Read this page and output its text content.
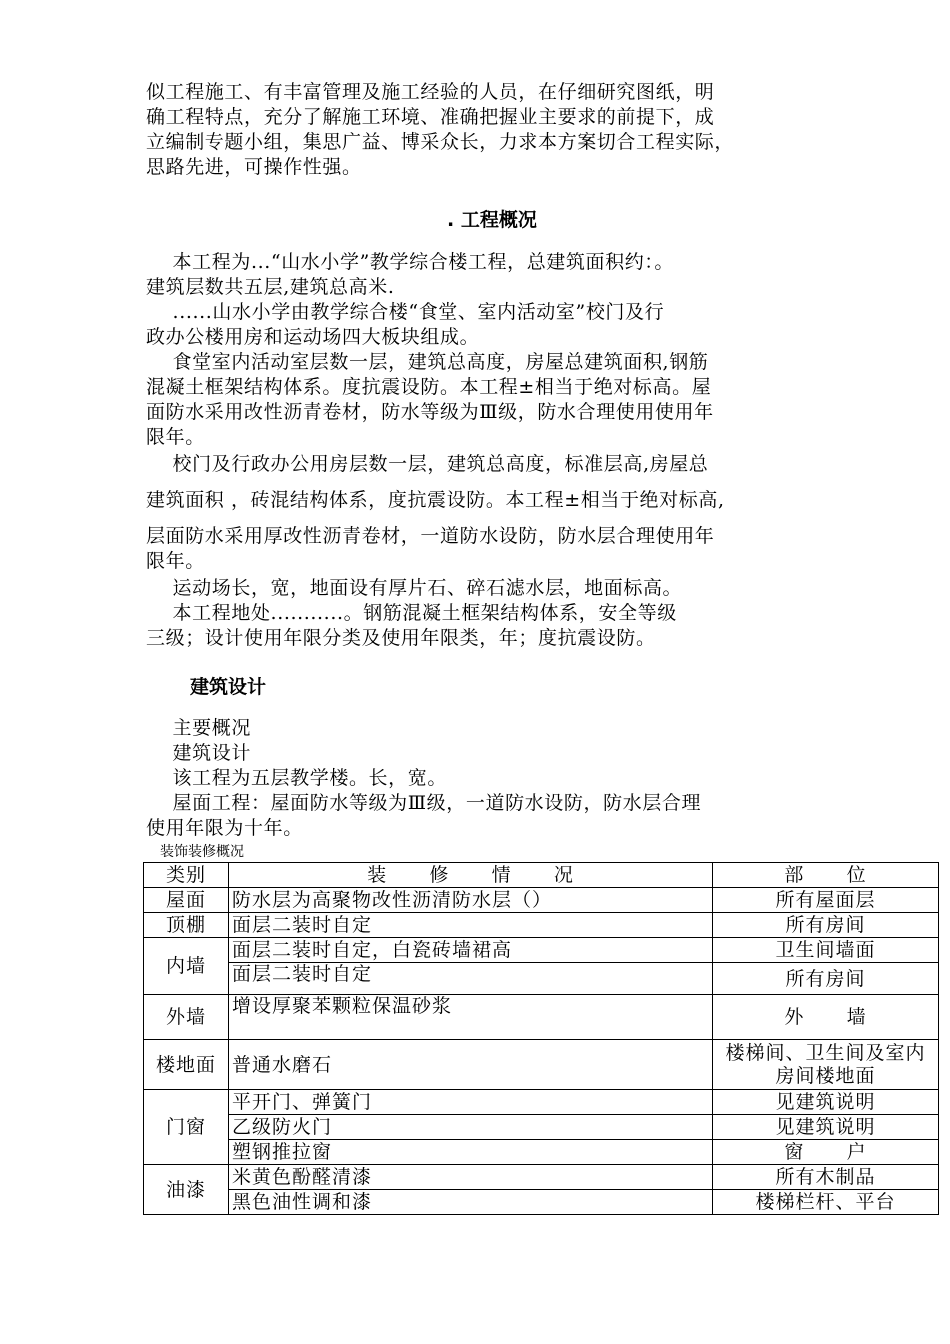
似工程施工、有丰富管理及施工经验的人员，在仔细研究图纸，明
确工程特点，充分了解施工环境、准确把握业主要求的前提下，成
立编制专题小组，集思广益、博采众长，力求本方案切合工程实际，
思路先进，可操作性强。
. 工程概况
本工程为...“山水小学”教学综合楼工程，总建筑面积约：。
建筑层数共五层,建筑总高米.
......山水小学由教学综合楼“食堂、室内活动室”校门及行
政办公楼用房和运动场四大板块组成。
食堂室内活动室层数一层，建筑总高度，房屋总建筑面积,钢筋
混凝土框架结构体系。度抗震设防。本工程±相当于绝对标高。屋
面防水采用改性沥青卷材，防水等级为Ⅲ级，防水合理使用使用年
限年。
校门及行政办公用房层数一层，建筑总高度，标准层高,房屋总
建筑面积 ，砖混结构体系，度抗震设防。本工程±相当于绝对标高,
层面防水采用厚改性沥青卷材，一道防水设防，防水层合理使用年
限年。
运动场长，宽，地面设有厚片石、碎石滤水层，地面标高。
本工程地处...........。钢筋混凝土框架结构体系，安全等级
三级；设计使用年限分类及使用年限类，年；度抗震设防。
建筑设计
主要概况
建筑设计
该工程为五层教学楼。长，宽。
屋面工程：屋面防水等级为Ⅲ级，一道防水设防，防水层合理
使用年限为十年。
装饰装修概况
类别	装      修      情      况	部      位
屋面	防水层为高聚物改性沥清防水层（）	所有屋面层
顶棚	面层二装时自定	所有房间
内墙	面层二装时自定，白瓷砖墙裙高	卫生间墙面
	面层二装时自定	所有房间
外墙	增设厚聚苯颗粒保温砂浆	外      墙
楼地面	普通水磨石	楼梯间、卫生间及室内房间楼地面
门窗	平开门、弹簧门	见建筑说明
	乙级防火门	见建筑说明
	塑钢推拉窗	窗      户
油漆	米黄色酚醛清漆	所有木制品
	黑色油性调和漆	楼梯栏杆、平台
